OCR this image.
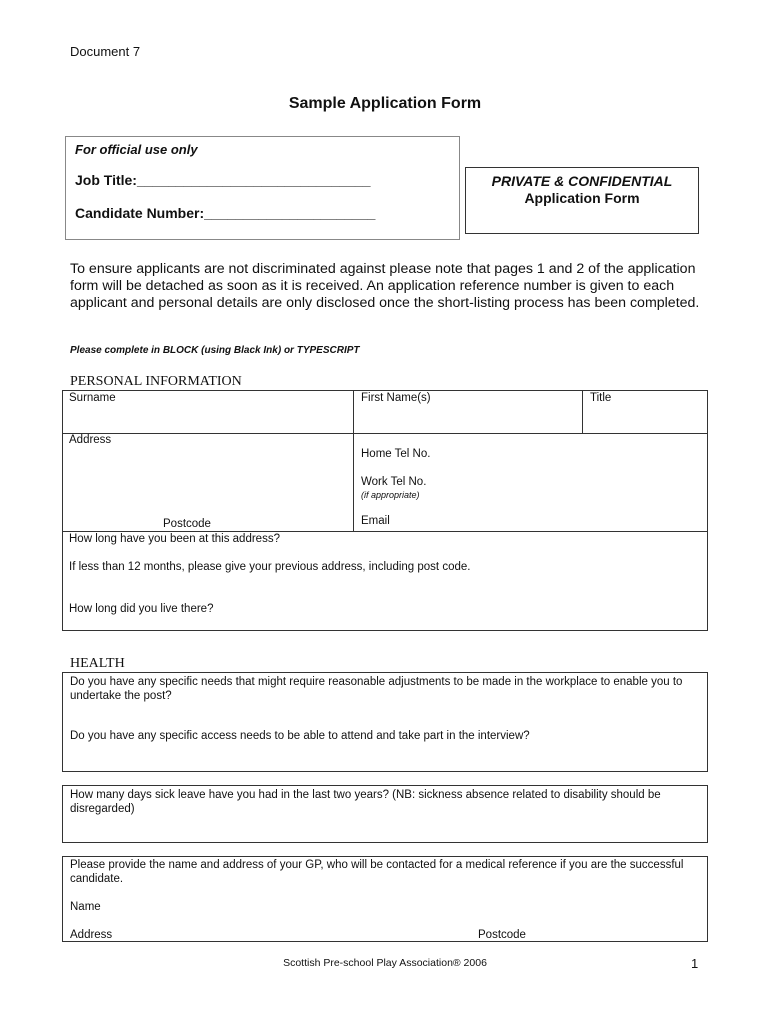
Document 7
Sample Application Form
For official use only
Job Title:______________________________
Candidate Number:______________________
PRIVATE & CONFIDENTIAL
Application Form
To ensure applicants are not discriminated against please note that pages 1 and 2 of the application form will be detached as soon as it is received. An application reference number is given to each applicant and personal details are only disclosed once the short-listing process has been completed.
Please complete in BLOCK (using Black Ink) or TYPESCRIPT
PERSONAL INFORMATION
Surname	First Name(s)	Title
Address
Postcode
Home Tel No.
Work Tel No.
(if appropriate)
Email
How long have you been at this address?
If less than 12 months, please give your previous address, including post code.
How long did you live there?
HEALTH
Do you have any specific needs that might require reasonable adjustments to be made in the workplace to enable you to undertake the post?
Do you have any specific access needs to be able to attend and take part in the interview?
How many days sick leave have you had in the last two years? (NB: sickness absence related to disability should be disregarded)
Please provide the name and address of your GP, who will be contacted for a medical reference if you are the successful candidate.
Name
Address	Postcode
Scottish Pre-school Play Association® 2006	1
